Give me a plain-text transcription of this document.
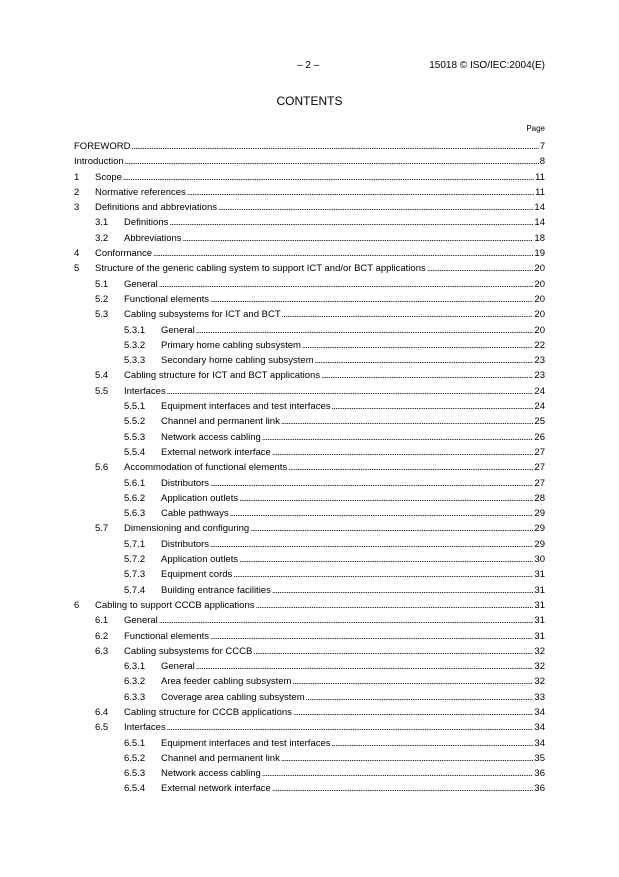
– 2 –	15018 © ISO/IEC:2004(E)
CONTENTS
Page
FOREWORD . . .	7
Introduction . . .	8
1	Scope . . .	11
2	Normative references . . .	11
3	Definitions and abbreviations . . .	14
3.1	Definitions . . .	14
3.2	Abbreviations . . .	18
4	Conformance . . .	19
5	Structure of the generic cabling system to support ICT and/or BCT applications . . .	20
5.1	General . . .	20
5.2	Functional elements . . .	20
5.3	Cabling subsystems for ICT and BCT . . .	20
5.3.1	General . . .	20
5.3.2	Primary home cabling subsystem . . .	22
5.3.3	Secondary home cabling subsystem . . .	23
5.4	Cabling structure for ICT and BCT applications . . .	23
5.5	Interfaces . . .	24
5.5.1	Equipment interfaces and test interfaces . . .	24
5.5.2	Channel and permanent link . . .	25
5.5.3	Network access cabling . . .	26
5.5.4	External network interface . . .	27
5.6	Accommodation of functional elements . . .	27
5.6.1	Distributors . . .	27
5.6.2	Application outlets . . .	28
5.6.3	Cable pathways . . .	29
5.7	Dimensioning and configuring . . .	29
5.7.1	Distributors . . .	29
5.7.2	Application outlets . . .	30
5.7.3	Equipment cords . . .	31
5.7.4	Building entrance facilities . . .	31
6	Cabling to support CCCB applications . . .	31
6.1	General . . .	31
6.2	Functional elements . . .	31
6.3	Cabling subsystems for CCCB . . .	32
6.3.1	General . . .	32
6.3.2	Area feeder cabling subsystem . . .	32
6.3.3	Coverage area cabling subsystem . . .	33
6.4	Cabling structure for CCCB applications . . .	34
6.5	Interfaces . . .	34
6.5.1	Equipment interfaces and test interfaces . . .	34
6.5.2	Channel and permanent link . . .	35
6.5.3	Network access cabling . . .	36
6.5.4	External network interface . . .	36
